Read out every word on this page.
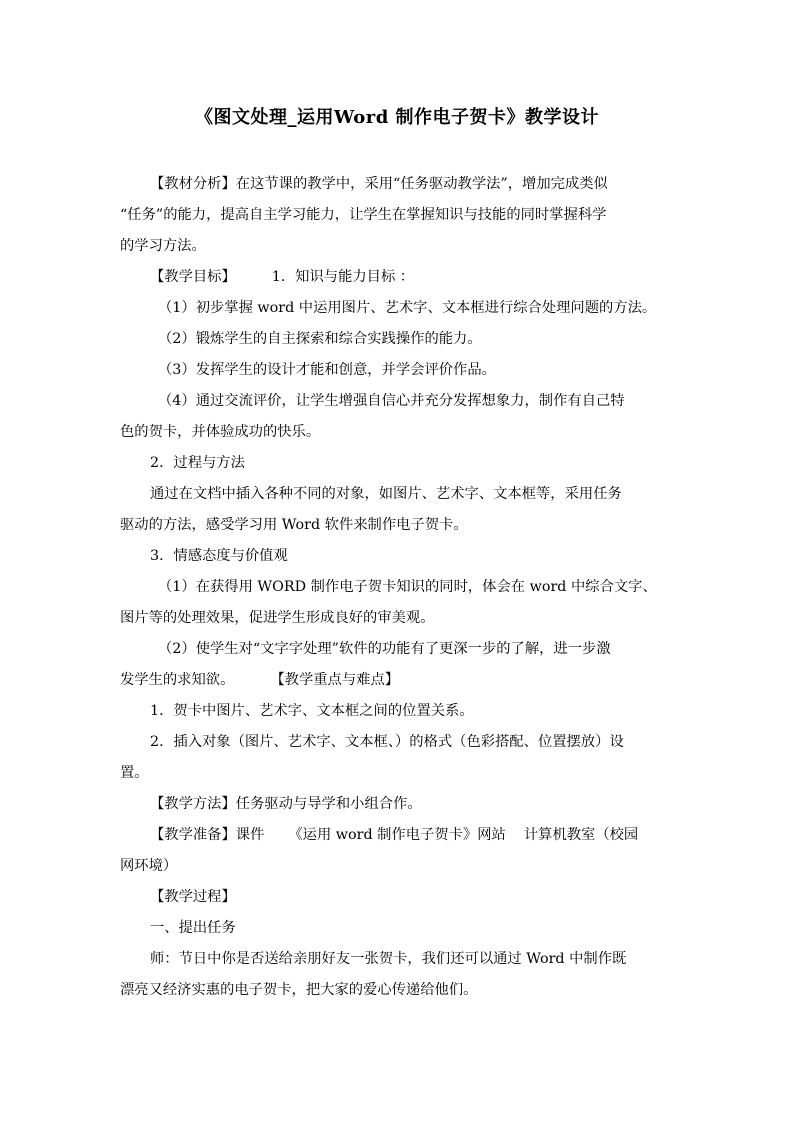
《图文处理_运用Word 制作电子贺卡》教学设计
【教材分析】在这节课的教学中，采用“任务驱动教学法”，增加完成类似
“任务”的能力，提高自主学习能力，让学生在掌握知识与技能的同时掌握科学
的学习方法。
【教学目标】	1．知识与能力目标 ：
（1）初步掌握 word 中运用图片、艺术字、文本框进行综合处理问题的方法。
（2）锻炼学生的自主探索和综合实践操作的能力。
（3）发挥学生的设计才能和创意，并学会评价作品。
（4）通过交流评价，让学生增强自信心并充分发挥想象力，制作有自己特
色的贺卡，并体验成功的快乐。
2．过程与方法
通过在文档中插入各种不同的对象，如图片、艺术字、文本框等，采用任务
驱动的方法，感受学习用 Word 软件来制作电子贺卡。
3．情感态度与价值观
（1）在获得用 WORD 制作电子贺卡知识的同时，体会在 word 中综合文字、
图片等的处理效果，促进学生形成良好的审美观。
（2）使学生对“文字字处理”软件的功能有了更深一步的了解，进一步激
发学生的求知欲。	【教学重点与难点】
1．贺卡中图片、艺术字、文本框之间的位置关系。
2．插入对象（图片、艺术字、文本框、）的格式（色彩搭配、位置摆放）设
置。
【教学方法】任务驱动与导学和小组合作。
【教学准备】课件 《运用 word 制作电子贺卡》网站 计算机教室（校园
网环境）
【教学过程】
一、提出任务
师：节日中你是否送给亲朋好友一张贺卡，我们还可以通过 Word 中制作既
漂亮又经济实惠的电子贺卡，把大家的爱心传递给他们。
